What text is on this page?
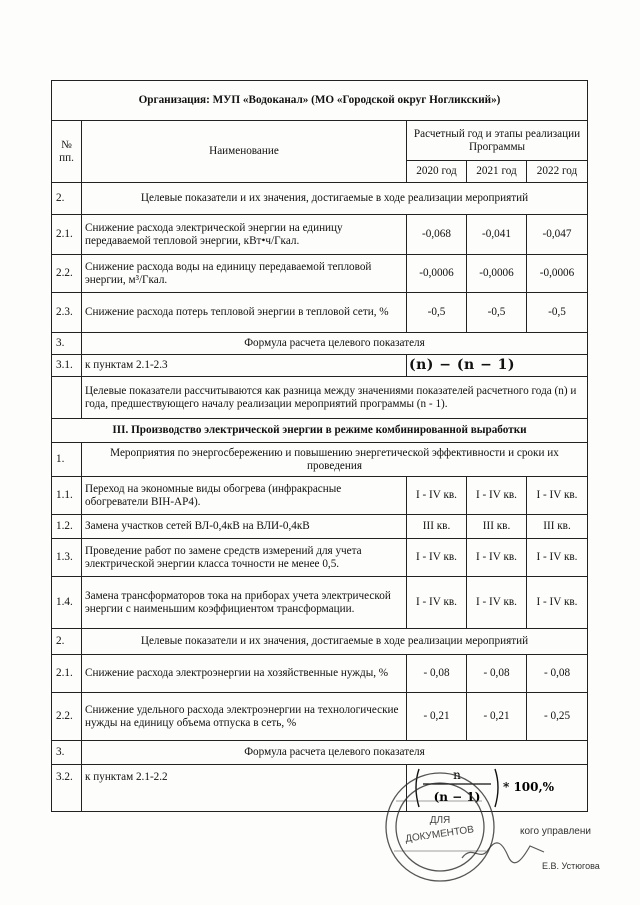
Организация: МУП «Водоканал» (МО «Городской округ Ногликский»)				
№ пп.	Наименование	Расчетный год и этапы реализации Программы		
		2020 год	2021 год	2022 год
2.	Целевые показатели и их значения, достигаемые в ходе реализации мероприятий			
2.1.	Снижение расхода электрической энергии на единицу передаваемой тепловой энергии, кВт•ч/Гкал.	-0,068	-0,041	-0,047
2.2.	Снижение расхода воды на единицу передаваемой тепловой энергии, м³/Гкал.	-0,0006	-0,0006	-0,0006
2.3.	Снижение расхода потерь тепловой энергии в тепловой сети, %	-0,5	-0,5	-0,5
3.	Формула расчета целевого показателя			
3.1.	к пунктам 2.1-2.3	(n) − (n − 1)		
	Целевые показатели рассчитываются как разница между значениями показателей расчетного года (n) и года, предшествующего началу реализации мероприятий программы (n - 1).			
III. Производство электрической энергии в режиме комбинированной выработки				
1.	Мероприятия по энергосбережению и повышению энергетической эффективности и сроки их проведения			
1.1.	Переход на экономные виды обогрева (инфракрасные обогреватели BIH-AP4).	I - IV кв.	I - IV кв.	I - IV кв.
1.2.	Замена участков сетей ВЛ-0,4кВ на ВЛИ-0,4кВ	III кв.	III кв.	III кв.
1.3.	Проведение работ по замене средств измерений для учета электрической энергии класса точности не менее 0,5.	I - IV кв.	I - IV кв.	I - IV кв.
1.4.	Замена трансформаторов тока на приборах учета электрической энергии с наименьшим коэффициентом трансформации.	I - IV кв.	I - IV кв.	I - IV кв.
2.	Целевые показатели и их значения, достигаемые в ходе реализации мероприятий			
2.1.	Снижение расхода электроэнергии на хозяйственные нужды, %	- 0,08	- 0,08	- 0,08
2.2.	Снижение удельного расхода электроэнергии на технологические нужды на единицу объема отпуска в сеть, %	- 0,21	- 0,21	- 0,25
3.	Формула расчета целевого показателя			
3.2.	к пунктам 2.1-2.2	n
(n − 1)
* 100,%		
ДЛЯ
ДОКУМЕНТОВ	кого управлени
Е.В. Устюгова
